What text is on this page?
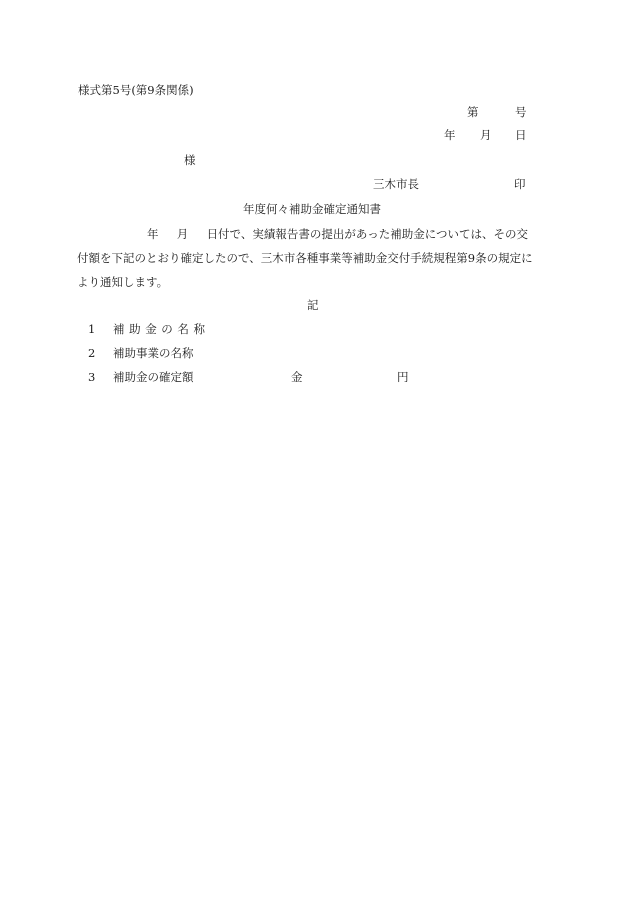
様式第5号(第9条関係)
第	号
年 月 日
様
三木市長	印
年度何々補助金確定通知書
年 月 日付で、実績報告書の提出があった補助金については、その交
付額を下記のとおり確定したので、三木市各種事業等補助金交付手続規程第9条の規定に
より通知します。
記
1 補助金の名称
2 補助事業の名称
3 補助金の確定額	金	円
